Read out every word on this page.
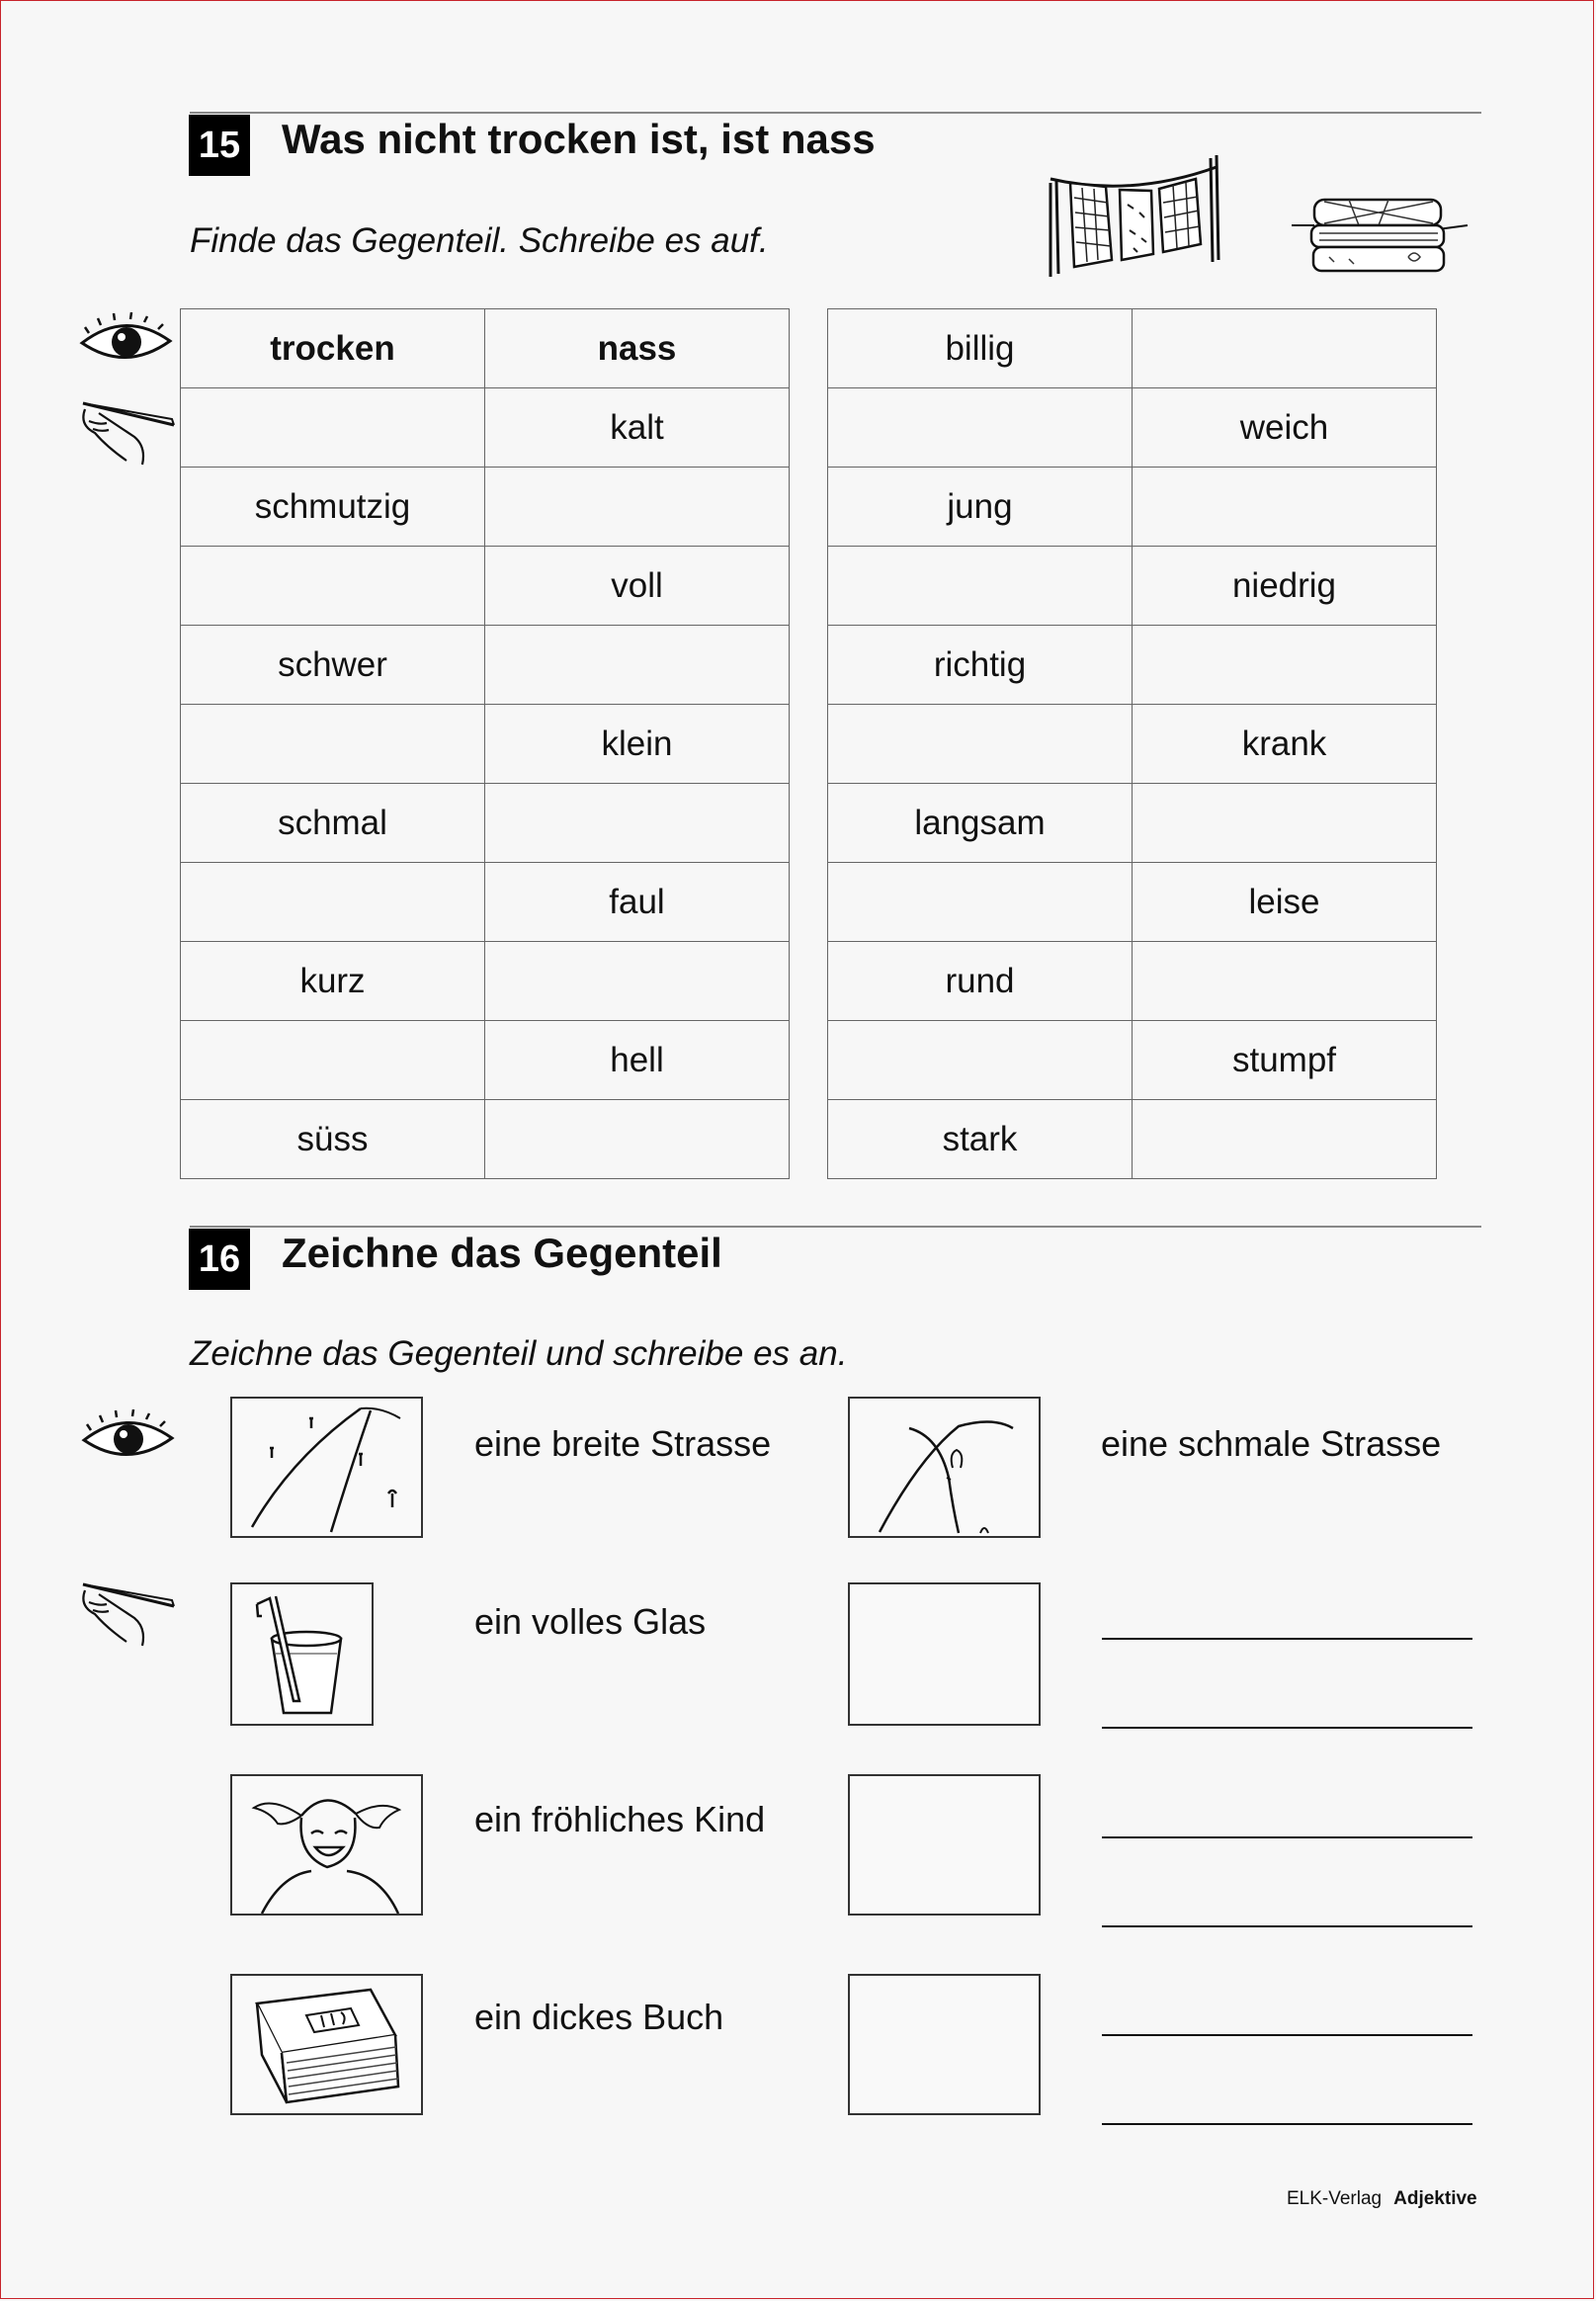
15 Was nicht trocken ist, ist nass
Finde das Gegenteil. Schreibe es auf.
trocken	nass
	kalt
schmutzig	
	voll
schwer	
	klein
schmal	
	faul
kurz	
	hell
süss	
billig	
	weich
jung	
	niedrig
richtig	
	krank
langsam	
	leise
rund	
	stumpf
stark	
16 Zeichne das Gegenteil
Zeichne das Gegenteil und schreibe es an.
eine breite Strasse	eine schmale Strasse
ein volles Glas
ein fröhliches Kind
ein dickes Buch
ELK-Verlag Adjektive
